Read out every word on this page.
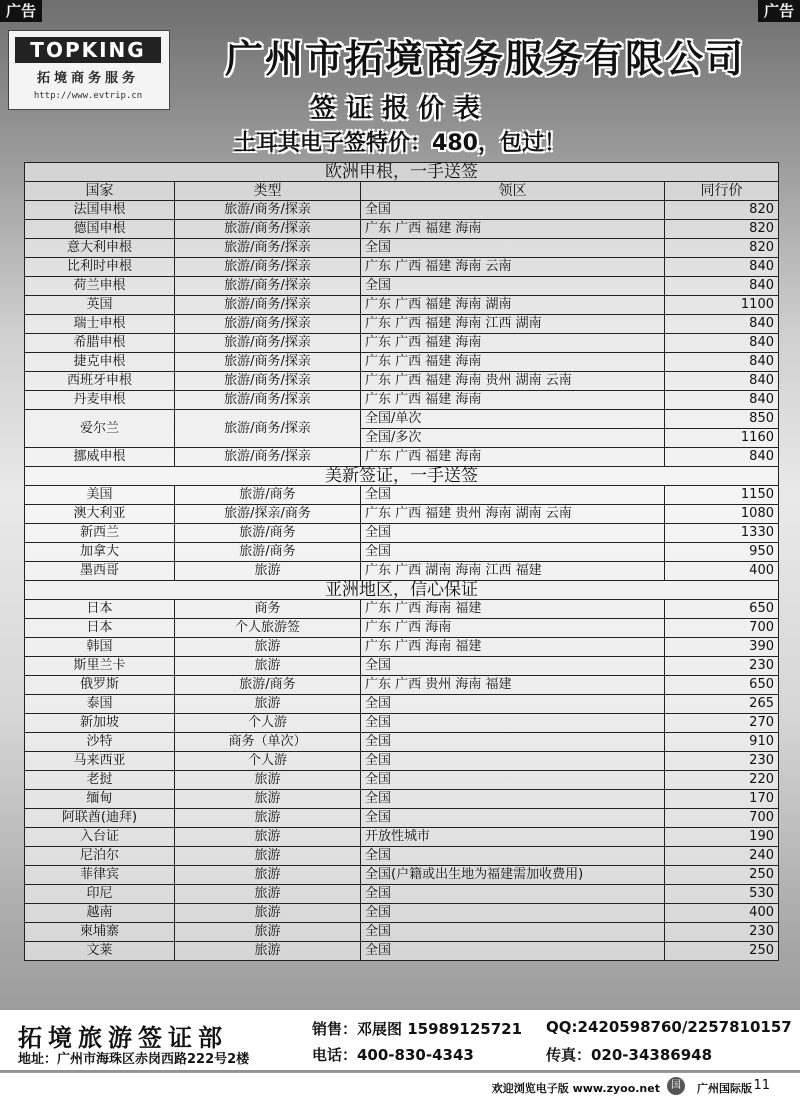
广告	广告
TOPKING
拓境商务服务
http://www.evtrip.cn
广州市拓境商务服务有限公司
签证报价表
土耳其电子签特价：480，包过！
欧洲申根，一手送签			
国家	类型	领区	同行价
法国申根	旅游/商务/探亲	全国	820
德国申根	旅游/商务/探亲	广东 广西 福建 海南	820
意大利申根	旅游/商务/探亲	全国	820
比利时申根	旅游/商务/探亲	广东 广西 福建 海南 云南	840
荷兰申根	旅游/商务/探亲	全国	840
英国	旅游/商务/探亲	广东 广西 福建 海南 湖南	1100
瑞士申根	旅游/商务/探亲	广东 广西 福建 海南 江西 湖南	840
希腊申根	旅游/商务/探亲	广东 广西 福建 海南	840
捷克申根	旅游/商务/探亲	广东 广西 福建 海南	840
西班牙申根	旅游/商务/探亲	广东 广西 福建 海南 贵州 湖南 云南	840
丹麦申根	旅游/商务/探亲	广东 广西 福建 海南	840
爱尔兰	旅游/商务/探亲	全国/单次	850
		全国/多次	1160
挪威申根	旅游/商务/探亲	广东 广西 福建 海南	840
美新签证，一手送签			
美国	旅游/商务	全国	1150
澳大利亚	旅游/探亲/商务	广东 广西 福建 贵州 海南 湖南 云南	1080
新西兰	旅游/商务	全国	1330
加拿大	旅游/商务	全国	950
墨西哥	旅游	广东 广西 湖南 海南 江西 福建	400
亚洲地区，信心保证			
日本	商务	广东 广西 海南 福建	650
日本	个人旅游签	广东 广西 海南	700
韩国	旅游	广东 广西 海南 福建	390
斯里兰卡	旅游	全国	230
俄罗斯	旅游/商务	广东 广西 贵州 海南 福建	650
泰国	旅游	全国	265
新加坡	个人游	全国	270
沙特	商务（单次）	全国	910
马来西亚	个人游	全国	230
老挝	旅游	全国	220
缅甸	旅游	全国	170
阿联酋(迪拜)	旅游	全国	700
入台证	旅游	开放性城市	190
尼泊尔	旅游	全国	240
菲律宾	旅游	全国(户籍或出生地为福建需加收费用)	250
印尼	旅游	全国	530
越南	旅游	全国	400
柬埔寨	旅游	全国	230
文莱	旅游	全国	250
拓境旅游签证部
地址：广州市海珠区赤岗西路222号2楼
销售：邓展图 15989125721 QQ:2420598760/2257810157
电话：400-830-4343	传真：020-34386948
欢迎浏览电子版 www.zyoo.net	国际
广州国际版 11
